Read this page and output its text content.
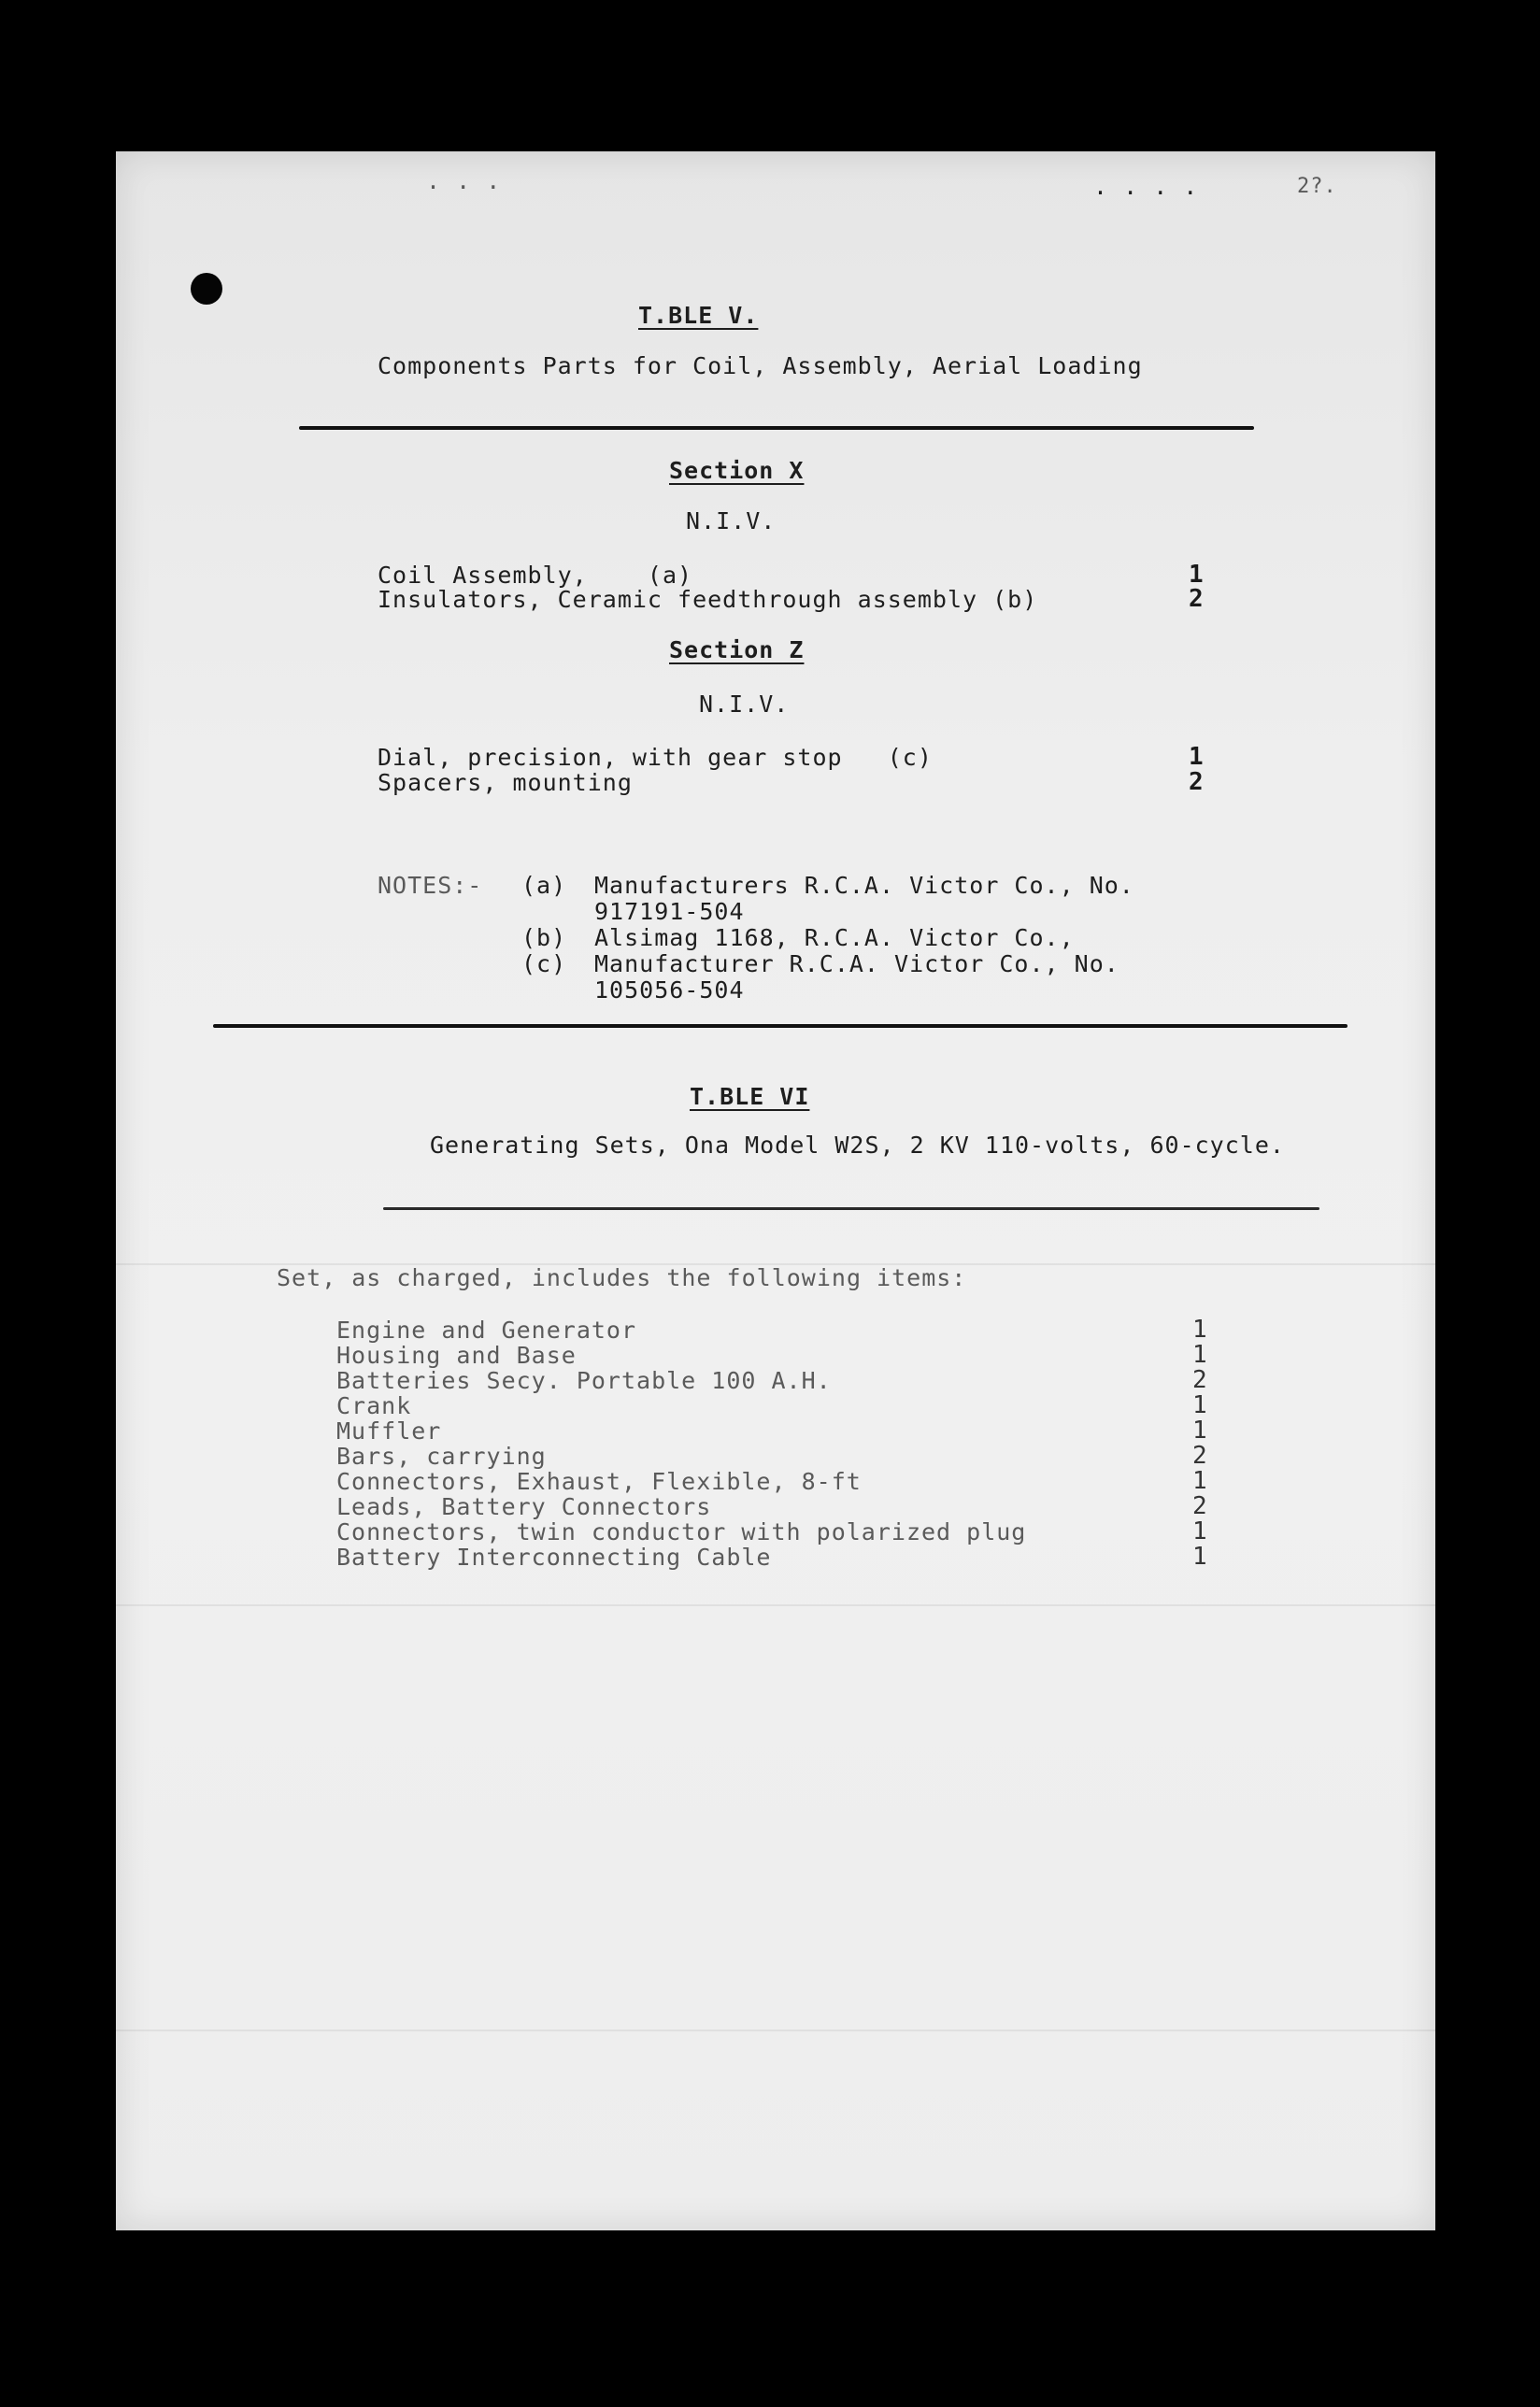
. . .	. . . .	2?.
T.BLE V.
Components Parts for Coil, Assembly, Aerial Loading
Section X
N.I.V.
Coil Assembly,    (a)	1
Insulators, Ceramic feedthrough assembly (b)	2
Section Z
N.I.V.
Dial, precision, with gear stop   (c)	1
Spacers, mounting	2
NOTES:- (a) Manufacturers R.C.A. Victor Co., No.
917191-504
(b) Alsimag 1168, R.C.A. Victor Co.,
(c) Manufacturer R.C.A. Victor Co., No.
105056-504
T.BLE VI
Generating Sets, Ona Model W2S, 2 KV 110-volts, 60-cycle.
Set, as charged, includes the following items:
Engine and Generator	1
Housing and Base	1
Batteries Secy. Portable 100 A.H.	2
Crank	1
Muffler	1
Bars, carrying	2
Connectors, Exhaust, Flexible, 8-ft	1
Leads, Battery Connectors	2
Connectors, twin conductor with polarized plug	1
Battery Interconnecting Cable	1
